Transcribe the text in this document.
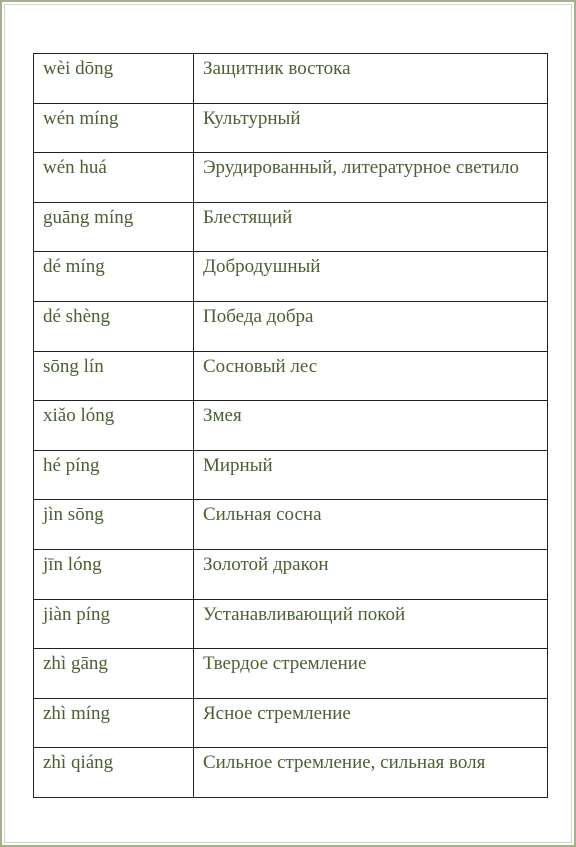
wèi dōng	Защитник востока
wén míng	Культурный
wén huá	Эрудированный, литературное светило
guāng míng	Блестящий
dé míng	Добродушный
dé shèng	Победа добра
sōng lín	Сосновый лес
xiǎo lóng	Змея
hé píng	Мирный
jìn sōng	Сильная сосна
jīn lóng	Золотой дракон
jiàn píng	Устанавливающий покой
zhì gāng	Твердое стремление
zhì míng	Ясное стремление
zhì qiáng	Сильное стремление, сильная воля
